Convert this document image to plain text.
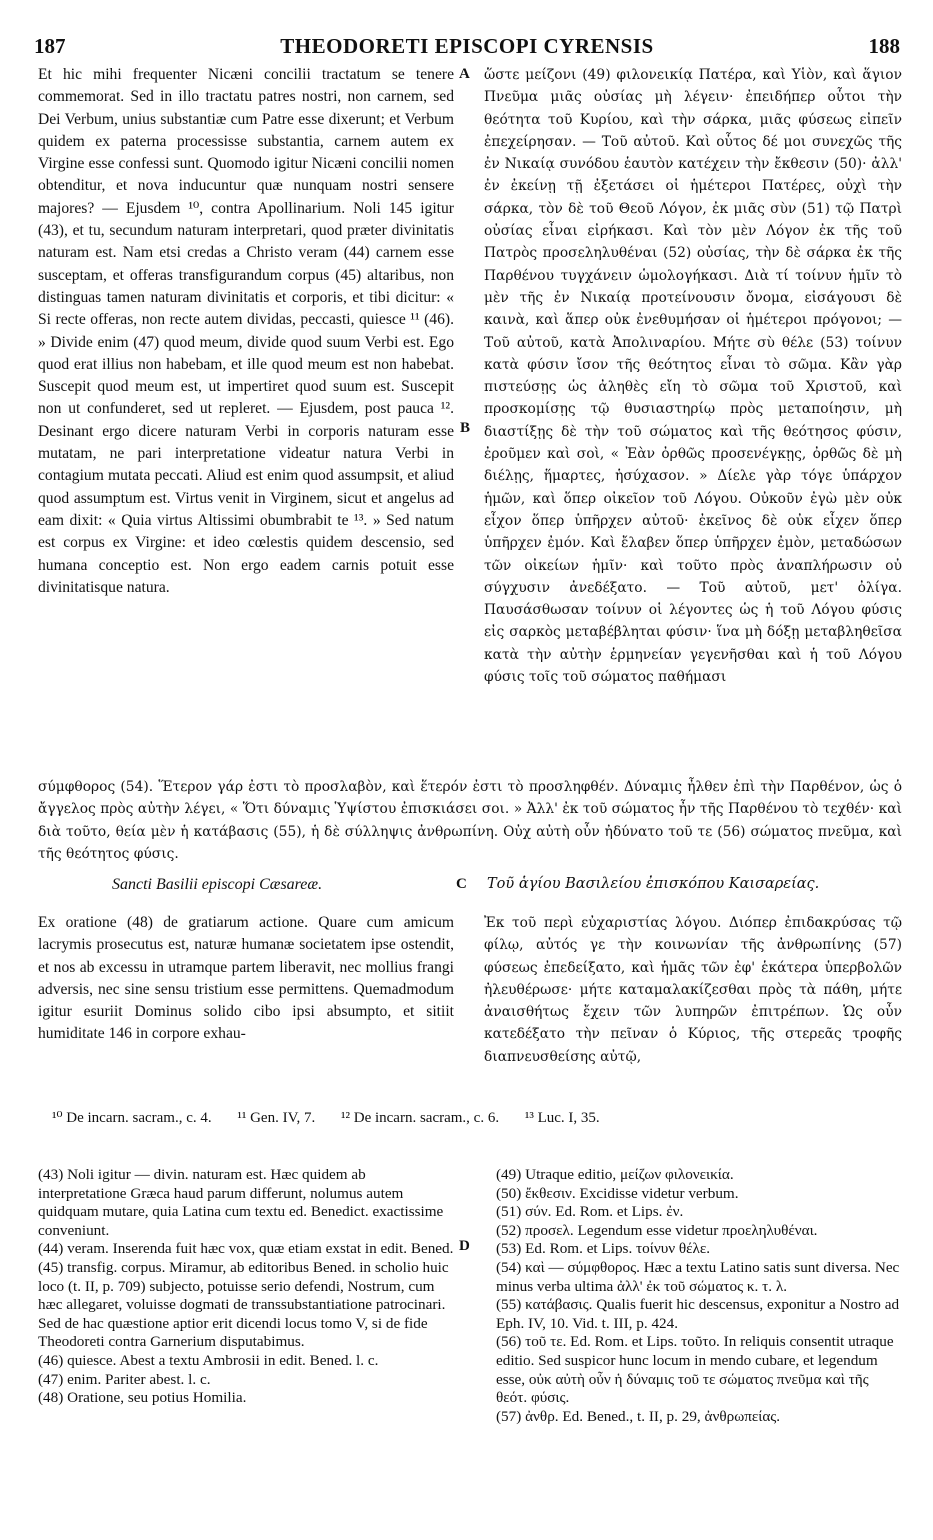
187	THEODORETI EPISCOPI CYRENSIS	188

Et hic mihi frequenter Nicæni concilii tractatum se tenere commemorat. Sed in illo tractatu patres nostri, non carnem, sed Dei Verbum, unius substantiæ cum Patre esse dixerunt; et Verbum quidem ex paterna processisse substantia, carnem autem ex Virgine esse confessi sunt. Quomodo igitur Nicæni concilii nomen obtenditur, et nova inducuntur quæ nunquam nostri sensere majores? — Ejusdem ¹⁰, contra Apollinarium. Noli 145 igitur (43), et tu, secundum naturam interpretari, quod præter divinitatis naturam est. Nam etsi credas a Christo veram (44) carnem esse susceptam, et offeras transfigurandum corpus (45) altaribus, non distinguas tamen naturam divinitatis et corporis, et tibi dicitur: « Si recte offeras, non recte autem dividas, peccasti, quiesce ¹¹ (46). » Divide enim (47) quod meum, divide quod suum Verbi est. Ego quod erat illius non habebam, et ille quod meum est non habebat. Suscepit quod meum est, ut impertiret quod suum est. Suscepit non ut confunderet, sed ut repleret. — Ejusdem, post pauca ¹². Desinant ergo dicere naturam Verbi in corporis naturam esse mutatam, ne pari interpretatione videatur natura Verbi in contagium mutata peccati. Aliud est enim quod assumpsit, et aliud quod assumptum est. Virtus venit in Virginem, sicut et angelus ad eam dixit: « Quia virtus Altissimi obumbrabit te ¹³. » Sed natum est corpus ex Virgine: et ideo cœlestis quidem descensio, sed humana conceptio est. Non ergo eadem carnis potuit esse divinitatisque natura.

ὥστε μείζονι (49) φιλονεικίᾳ Πατέρα, καὶ Υἱὸν, καὶ ἅγιον Πνεῦμα μιᾶς οὐσίας μὴ λέγειν· ἐπειδήπερ οὗτοι τὴν θεότητα τοῦ Κυρίου, καὶ τὴν σάρκα, μιᾶς φύσεως εἰπεῖν ἐπεχείρησαν. — Τοῦ αὐτοῦ. Καὶ οὗτος δέ μοι συνεχῶς τῆς ἐν Νικαίᾳ συνόδου ἑαυτὸν κατέχειν τὴν ἔκθεσιν (50)· ἀλλ' ἐν ἐκείνῃ τῇ ἐξετάσει οἱ ἡμέτεροι Πατέρες, οὐχὶ τὴν σάρκα, τὸν δὲ τοῦ Θεοῦ Λόγον, ἐκ μιᾶς σὺν (51) τῷ Πατρὶ οὐσίας εἶναι εἰρήκασι. Καὶ τὸν μὲν Λόγον ἐκ τῆς τοῦ Πατρὸς προσεληλυθέναι (52) οὐσίας, τὴν δὲ σάρκα ἐκ τῆς Παρθένου τυγχάνειν ὡμολογήκασι. Διὰ τί τοίνυν ἡμῖν τὸ μὲν τῆς ἐν Νικαίᾳ προτείνουσιν ὄνομα, εἰσάγουσι δὲ καινὰ, καὶ ἅπερ οὐκ ἐνεθυμήσαν οἱ ἡμέτεροι πρόγονοι; — Τοῦ αὐτοῦ, κατὰ Ἀπολιναρίου. Μήτε σὺ θέλε (53) τοίνυν κατὰ φύσιν ἴσον τῆς θεότητος εἶναι τὸ σῶμα. Κἂν γὰρ πιστεύσῃς ὡς ἀληθὲς εἴη τὸ σῶμα τοῦ Χριστοῦ, καὶ προσκομίσῃς τῷ θυσιαστηρίῳ πρὸς μεταποίησιν, μὴ διαστίξῃς δὲ τὴν τοῦ σώματος καὶ τῆς θεότησος φύσιν, ἐροῦμεν καὶ σοὶ, « Ἐὰν ὀρθῶς προσενέγκῃς, ὀρθῶς δὲ μὴ διέλῃς, ἥμαρτες, ἡσύχασον. » Δίελε γὰρ τόγε ὑπάρχον ἡμῶν, καὶ ὅπερ οἰκεῖον τοῦ Λόγου. Οὐκοῦν ἐγὼ μὲν οὐκ εἶχον ὅπερ ὑπῆρχεν αὐτοῦ· ἐκεῖνος δὲ οὐκ εἶχεν ὅπερ ὑπῆρχεν ἐμόν. Καὶ ἔλαβεν ὅπερ ὑπῆρχεν ἐμὸν, μεταδώσων τῶν οἰκείων ἡμῖν· καὶ τοῦτο πρὸς ἀναπλήρωσιν οὐ σύγχυσιν ἀνεδέξατο. — Τοῦ αὐτοῦ, μετ' ὀλίγα. Παυσάσθωσαν τοίνυν οἱ λέγοντες ὡς ἡ τοῦ Λόγου φύσις εἰς σαρκὸς μεταβέβληται φύσιν· ἵνα μὴ δόξῃ μεταβληθεῖσα κατὰ τὴν αὐτὴν ἑρμηνείαν γεγενῆσθαι καὶ ἡ τοῦ Λόγου φύσις τοῖς τοῦ σώματος παθήμασι

A
B

σύμφθορος (54). Ἕτερον γάρ ἐστι τὸ προσλαβὸν, καὶ ἕτερόν ἐστι τὸ προσληφθέν. Δύναμις ἦλθεν ἐπὶ τὴν Παρθένον, ὡς ὁ ἄγγελος πρὸς αὐτὴν λέγει, « Ὅτι δύναμις Ὑψίστου ἐπισκιάσει σοι. » Ἀλλ' ἐκ τοῦ σώματος ἦν τῆς Παρθένου τὸ τεχθέν· καὶ διὰ τοῦτο, θεία μὲν ἡ κατάβασις (55), ἡ δὲ σύλληψις ἀνθρωπίνη. Οὐχ αὐτὴ οὖν ἠδύνατο τοῦ τε (56) σώματος πνεῦμα, καὶ τῆς θεότητος φύσις.

Sancti Basilii episcopi Cæsareæ.	C Τοῦ ἁγίου Βασιλείου ἐπισκόπου Καισαρείας.

Ex oratione (48) de gratiarum actione. Quare cum amicum lacrymis prosecutus est, naturæ humanæ societatem ipse ostendit, et nos ab excessu in utramque partem liberavit, nec mollius frangi adversis, nec sine sensu tristium esse permittens. Quemadmodum igitur esuriit Dominus solido cibo ipsi absumpto, et sitiit humiditate 146 in corpore exhau-

Ἐκ τοῦ περὶ εὐχαριστίας λόγου. Διόπερ ἐπιδακρύσας τῷ φίλῳ, αὐτός γε τὴν κοινωνίαν τῆς ἀνθρωπίνης (57) φύσεως ἐπεδείξατο, καὶ ἡμᾶς τῶν ἐφ' ἑκάτερα ὑπερβολῶν ἠλευθέρωσε· μήτε καταμαλακίζεσθαι πρὸς τὰ πάθη, μήτε ἀναισθήτως ἔχειν τῶν λυπηρῶν ἐπιτρέπων. Ὡς οὖν κατεδέξατο τὴν πεῖναν ὁ Κύριος, τῆς στερεᾶς τροφῆς διαπνευσθείσης αὐτῷ,

¹⁰ De incarn. sacram., c. 4. ¹¹ Gen. IV, 7. ¹² De incarn. sacram., c. 6. ¹³ Luc. I, 35.

(43) Noli igitur — divin. naturam est. Hæc quidem ab interpretatione Græca haud parum differunt, nolumus autem quidquam mutare, quia Latina cum textu ed. Benedict. exactissime conveniunt.

(44) veram. Inserenda fuit hæc vox, quæ etiam exstat in edit. Bened.

(45) transfig. corpus. Miramur, ab editoribus Bened. in scholio huic loco (t. II, p. 709) subjecto, potuisse serio defendi, Nostrum, cum hæc allegaret, voluisse dogmati de transsubstantiatione patrocinari. Sed de hac quæstione aptior erit dicendi locus tomo V, si de fide Theodoreti contra Garnerium disputabimus.

(46) quiesce. Abest a textu Ambrosii in edit. Bened. l. c.

(47) enim. Pariter abest. l. c.

(48) Oratione, seu potius Homilia.

D

(49) Utraque editio, μείζων φιλονεικία.

(50) ἔκθεσιν. Excidisse videtur verbum.

(51) σύν. Ed. Rom. et Lips. ἐν.

(52) προσελ. Legendum esse videtur προεληλυθέναι.

(53) Ed. Rom. et Lips. τοίνυν θέλε.

(54) καὶ — σύμφθορος. Hæc a textu Latino satis sunt diversa. Nec minus verba ultima ἀλλ' ἐκ τοῦ σώματος κ. τ. λ.

(55) κατάβασις. Qualis fuerit hic descensus, exponitur a Nostro ad Eph. IV, 10. Vid. t. III, p. 424.

(56) τοῦ τε. Ed. Rom. et Lips. τοῦτο. In reliquis consentit utraque editio. Sed suspicor hunc locum in mendo cubare, et legendum esse, οὐκ αὐτὴ οὖν ἡ δύναμις τοῦ τε σώματος πνεῦμα καὶ τῆς θεότ. φύσις.

(57) ἀνθρ. Ed. Bened., t. II, p. 29, ἀνθρωπείας.
